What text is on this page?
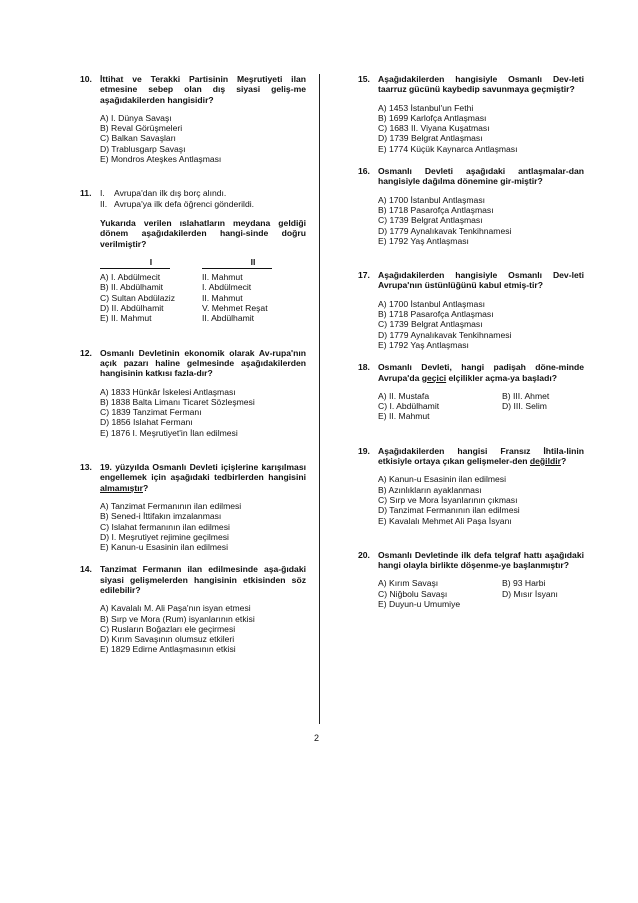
10. İttihat ve Terakki Partisinin Meşrutiyeti ilan etmesine sebep olan dış siyasi geliş-me aşağıdakilerden hangisidir?
A) I. Dünya Savaşı
B) Reval Görüşmeleri
C) Balkan Savaşları
D) Trablusgarp Savaşı
E) Mondros Ateşkes Antlaşması
11. I.	Avrupa'dan ilk dış borç alındı.
II. Avrupa'ya ilk defa öğrenci gönderildi.
Yukarıda verilen ıslahatların meydana geldiği dönem aşağıdakilerden hangi-sinde doğru verilmiştir?
I	II
A) I. Abdülmecit	II. Mahmut
B) II. Abdülhamit	I. Abdülmecit
C) Sultan Abdülaziz	II. Mahmut
D) II. Abdülhamit	V. Mehmet Reşat
E) II. Mahmut	II. Abdülhamit
12. Osmanlı Devletinin ekonomik olarak Av-rupa'nın açık pazarı haline gelmesinde aşağıdakilerden hangisinin katkısı fazla-dır?
A) 1833 Hünkâr İskelesi Antlaşması
B) 1838 Balta Limanı Ticaret Sözleşmesi
C) 1839 Tanzimat Fermanı
D) 1856 Islahat Fermanı
E) 1876 I. Meşrutiyet'in İlan edilmesi
13. 19. yüzyılda Osmanlı Devleti içişlerine karışılması engellemek için aşağıdaki tedbirlerden hangisini almamıştır?
A) Tanzimat Fermanının ilan edilmesi
B) Sened-i İttifakın imzalanması
C) Islahat fermanının ilan edilmesi
D) I. Meşrutiyet rejimine geçilmesi
E) Kanun-u Esasinin ilan edilmesi
14. Tanzimat Fermanın ilan edilmesinde aşa-ğıdaki siyasi gelişmelerden hangisinin etkisinden söz edilebilir?
A) Kavalalı M. Ali Paşa'nın isyan etmesi
B) Sırp ve Mora (Rum) isyanlarının etkisi
C) Rusların Boğazları ele geçirmesi
D) Kırım Savaşının olumsuz etkileri
E) 1829 Edirne Antlaşmasının etkisi
15. Aşağıdakilerden hangisiyle Osmanlı Dev-leti taarruz gücünü kaybedip savunmaya geçmiştir?
A) 1453 İstanbul'un Fethi
B) 1699 Karlofça Antlaşması
C) 1683 II. Viyana Kuşatması
D) 1739 Belgrat Antlaşması
E) 1774 Küçük Kaynarca Antlaşması
16. Osmanlı Devleti aşağıdaki antlaşmalar-dan hangisiyle dağılma dönemine gir-miştir?
A) 1700 İstanbul Antlaşması
B) 1718 Pasarofça Antlaşması
C) 1739 Belgrat Antlaşması
D) 1779 Aynalıkavak Tenkihnamesi
E) 1792 Yaş Antlaşması
17. Aşağıdakilerden hangisiyle Osmanlı Dev-leti Avrupa'nın üstünlüğünü kabul etmiş-tir?
A) 1700 İstanbul Antlaşması
B) 1718 Pasarofça Antlaşması
C) 1739 Belgrat Antlaşması
D) 1779 Aynalıkavak Tenkihnamesi
E) 1792 Yaş Antlaşması
18. Osmanlı Devleti, hangi padişah döne-minde Avrupa'da geçici elçilikler açma-ya başladı?
A) II. Mustafa	B) III. Ahmet
C) I. Abdülhamit	D) III. Selim
E) II. Mahmut
19. Aşağıdakilerden hangisi Fransız İhtila-linin etkisiyle ortaya çıkan gelişmeler-den değildir?
A) Kanun-u Esasinin ilan edilmesi
B) Azınlıkların ayaklanması
C) Sırp ve Mora İsyanlarının çıkması
D) Tanzimat Fermanının ilan edilmesi
E) Kavalalı Mehmet Ali Paşa İsyanı
20. Osmanlı Devletinde ilk defa telgraf hattı aşağıdaki hangi olayla birlikte döşenme-ye başlanmıştır?
A) Kırım Savaşı	B) 93 Harbi
C) Niğbolu Savaşı	D) Mısır İsyanı
E) Duyun-u Umumiye
2
